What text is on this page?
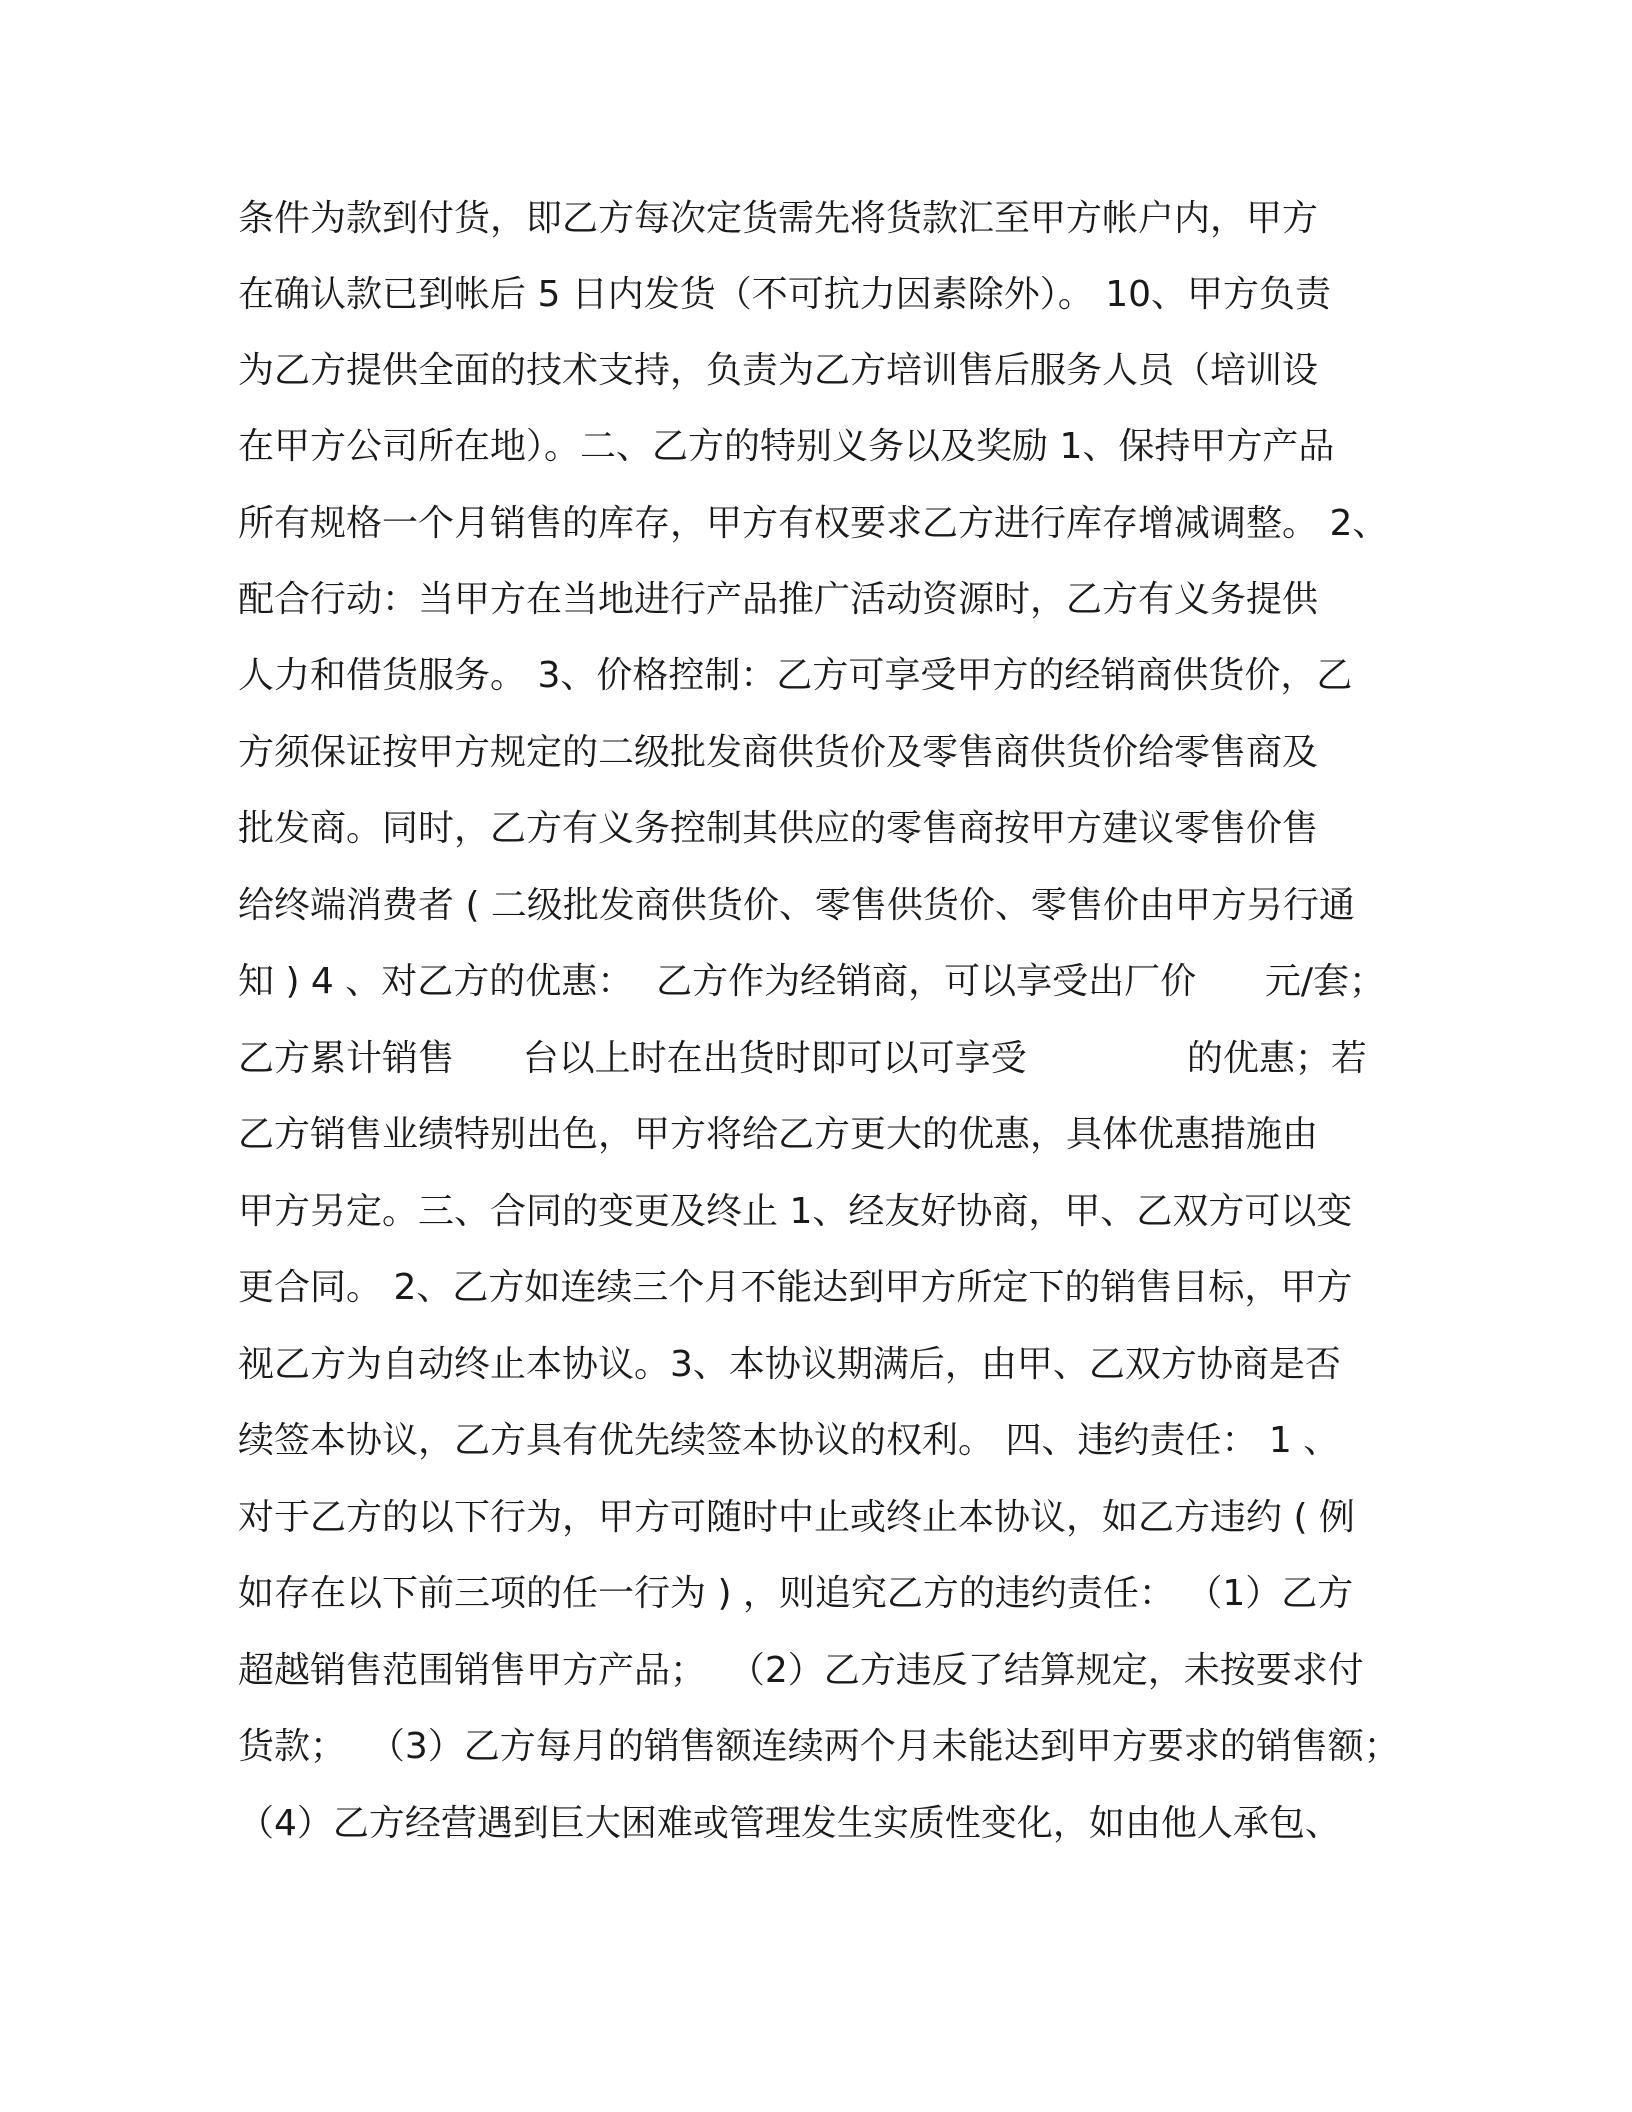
条件为款到付货，即乙方每次定货需先将货款汇至甲方帐户内，甲方
在确认款已到帐后 5 日内发货（不可抗力因素除外）。 10、甲方负责
为乙方提供全面的技术支持，负责为乙方培训售后服务人员（培训设
在甲方公司所在地）。二、乙方的特别义务以及奖励 1、保持甲方产品
所有规格一个月销售的库存，甲方有权要求乙方进行库存增减调整。 2、
配合行动：当甲方在当地进行产品推广活动资源时，乙方有义务提供
人力和借货服务。 3、价格控制：乙方可享受甲方的经销商供货价，乙
方须保证按甲方规定的二级批发商供货价及零售商供货价给零售商及
批发商。同时，乙方有义务控制其供应的零售商按甲方建议零售价售
给终端消费者 ( 二级批发商供货价、零售供货价、零售价由甲方另行通
知 ) 4 、对乙方的优惠：  乙方作为经销商，可以享受出厂价      元/套；
乙方累计销售      台以上时在出货时即可以可享受              的优惠；若
乙方销售业绩特别出色，甲方将给乙方更大的优惠，具体优惠措施由
甲方另定。三、合同的变更及终止 1、经友好协商，甲、乙双方可以变
更合同。 2、乙方如连续三个月不能达到甲方所定下的销售目标，甲方
视乙方为自动终止本协议。3、本协议期满后，由甲、乙双方协商是否
续签本协议，乙方具有优先续签本协议的权利。 四、违约责任： 1 、
对于乙方的以下行为，甲方可随时中止或终止本协议，如乙方违约 ( 例
如存在以下前三项的任一行为 ) ，则追究乙方的违约责任： （1）乙方
超越销售范围销售甲方产品；  （2）乙方违反了结算规定，未按要求付
货款；  （3）乙方每月的销售额连续两个月未能达到甲方要求的销售额；
（4）乙方经营遇到巨大困难或管理发生实质性变化，如由他人承包、
